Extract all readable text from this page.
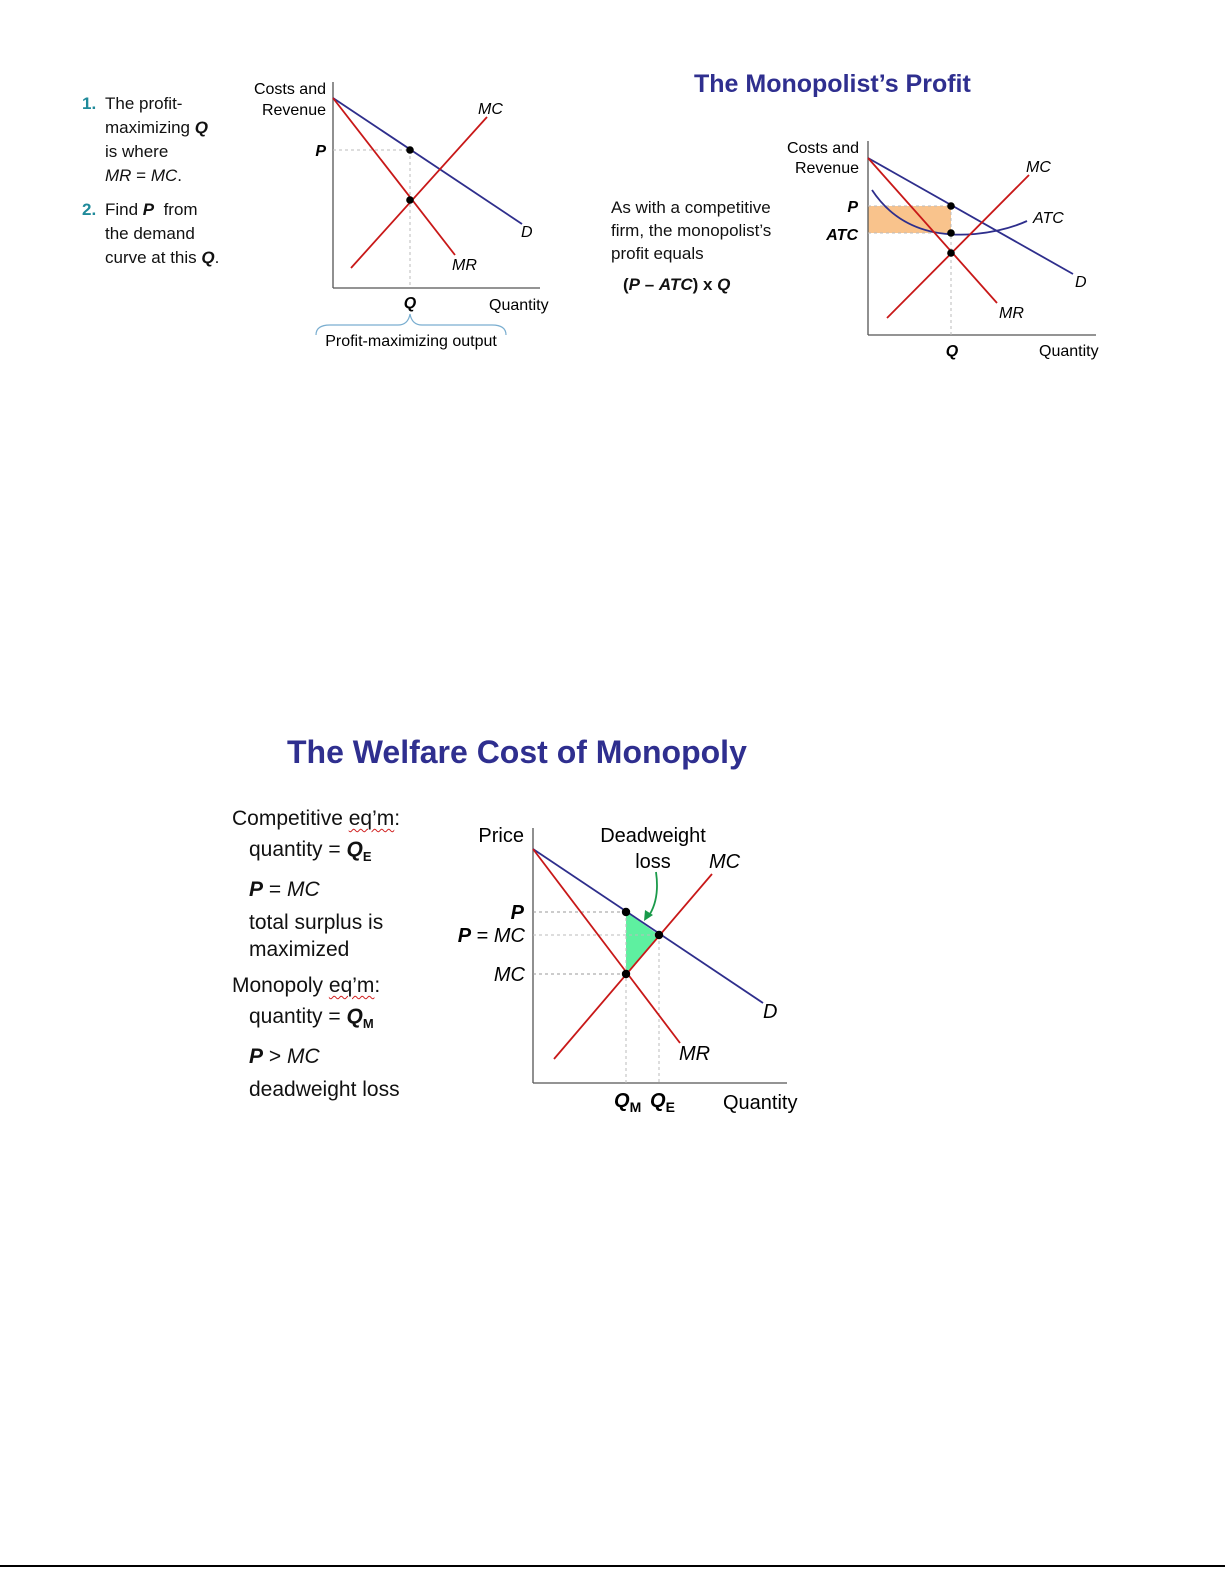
1. The profit-
maximizing Q
is where
MR = MC.
2. Find P  from
the demand
curve at this Q.
Costs and
Revenue
P
MC
D
MR
Q	Quantity
Profit-maximizing output
The Monopolist’s Profit
As with a competitive firm, the monopolist’s profit equals
(P – ATC) x Q
Costs and
Revenue
P
ATC
MC
ATC
D
MR
Q	Quantity
The Welfare Cost of Monopoly
Competitive eq’m:
quantity = $Q_E$
P = MC
total surplus is
maximized
Monopoly eq’m:
quantity = $Q_M$
P > MC
deadweight loss
Price	Deadweight
loss MC
P
P = MC
MC
D
MR
$Q_M$ $Q_E$ Quantity
